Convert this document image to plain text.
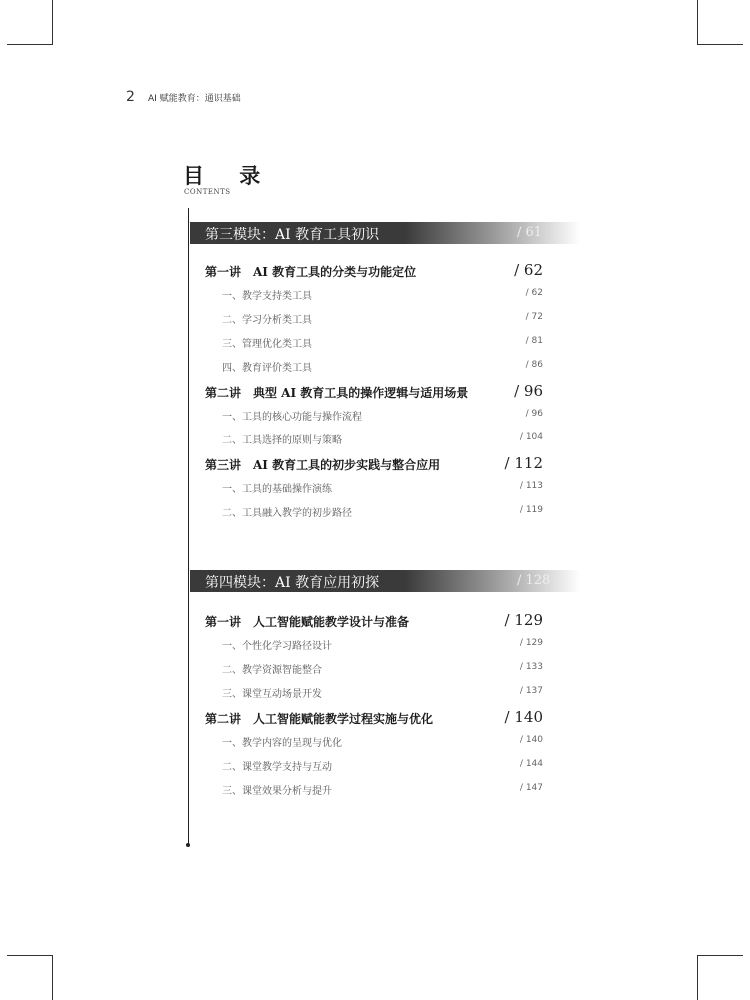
2 AI 赋能教育：通识基础
目 录
CONTENTS
第三模块：AI 教育工具初识	/ 61
第一讲　AI 教育工具的分类与功能定位	/ 62
一、教学支持类工具	/ 62
二、学习分析类工具	/ 72
三、管理优化类工具	/ 81
四、教育评价类工具	/ 86
第二讲　典型 AI 教育工具的操作逻辑与适用场景	/ 96
一、工具的核心功能与操作流程	/ 96
二、工具选择的原则与策略	/ 104
第三讲　AI 教育工具的初步实践与整合应用	/ 112
一、工具的基础操作演练	/ 113
二、工具融入教学的初步路径	/ 119
第四模块：AI 教育应用初探	/ 128
第一讲　人工智能赋能教学设计与准备	/ 129
一、个性化学习路径设计	/ 129
二、教学资源智能整合	/ 133
三、课堂互动场景开发	/ 137
第二讲　人工智能赋能教学过程实施与优化	/ 140
一、教学内容的呈现与优化	/ 140
二、课堂教学支持与互动	/ 144
三、课堂效果分析与提升	/ 147
